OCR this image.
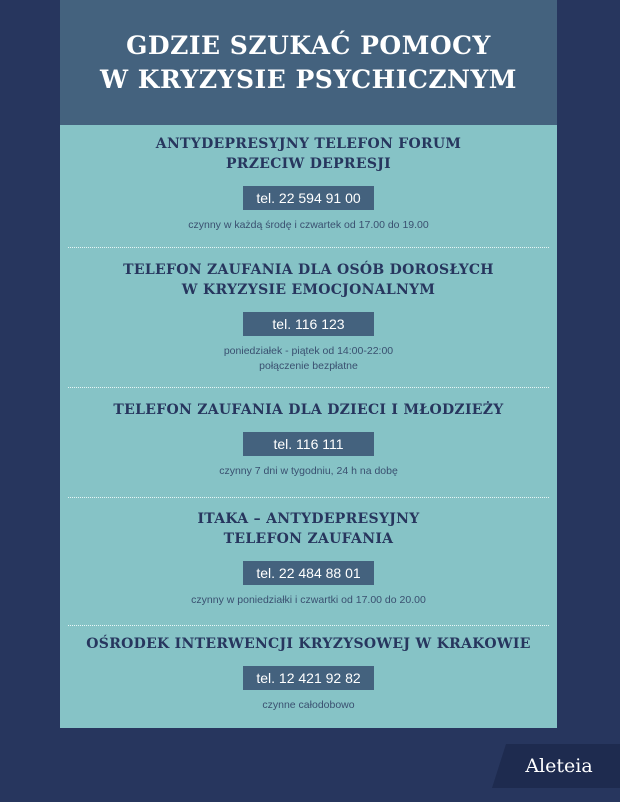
GDZIE SZUKAĆ POMOCY
W KRYZYSIE PSYCHICZNYM
ANTYDEPRESYJNY TELEFON FORUM
PRZECIW DEPRESJI
tel. 22 594 91 00
czynny w każdą środę i czwartek od 17.00 do 19.00
TELEFON ZAUFANIA DLA OSÓB DOROSŁYCH
W KRYZYSIE EMOCJONALNYM
tel. 116 123
poniedziałek - piątek od 14:00-22:00
połączenie bezpłatne
TELEFON ZAUFANIA DLA DZIECI I MŁODZIEŻY
tel. 116 111
czynny 7 dni w tygodniu, 24 h na dobę
ITAKA – ANTYDEPRESYJNY
TELEFON ZAUFANIA
tel. 22 484 88 01
czynny w poniedziałki i czwartki od 17.00 do 20.00
OŚRODEK INTERWENCJI KRYZYSOWEJ W KRAKOWIE
tel. 12 421 92 82
czynne całodobowo
Aleteia
